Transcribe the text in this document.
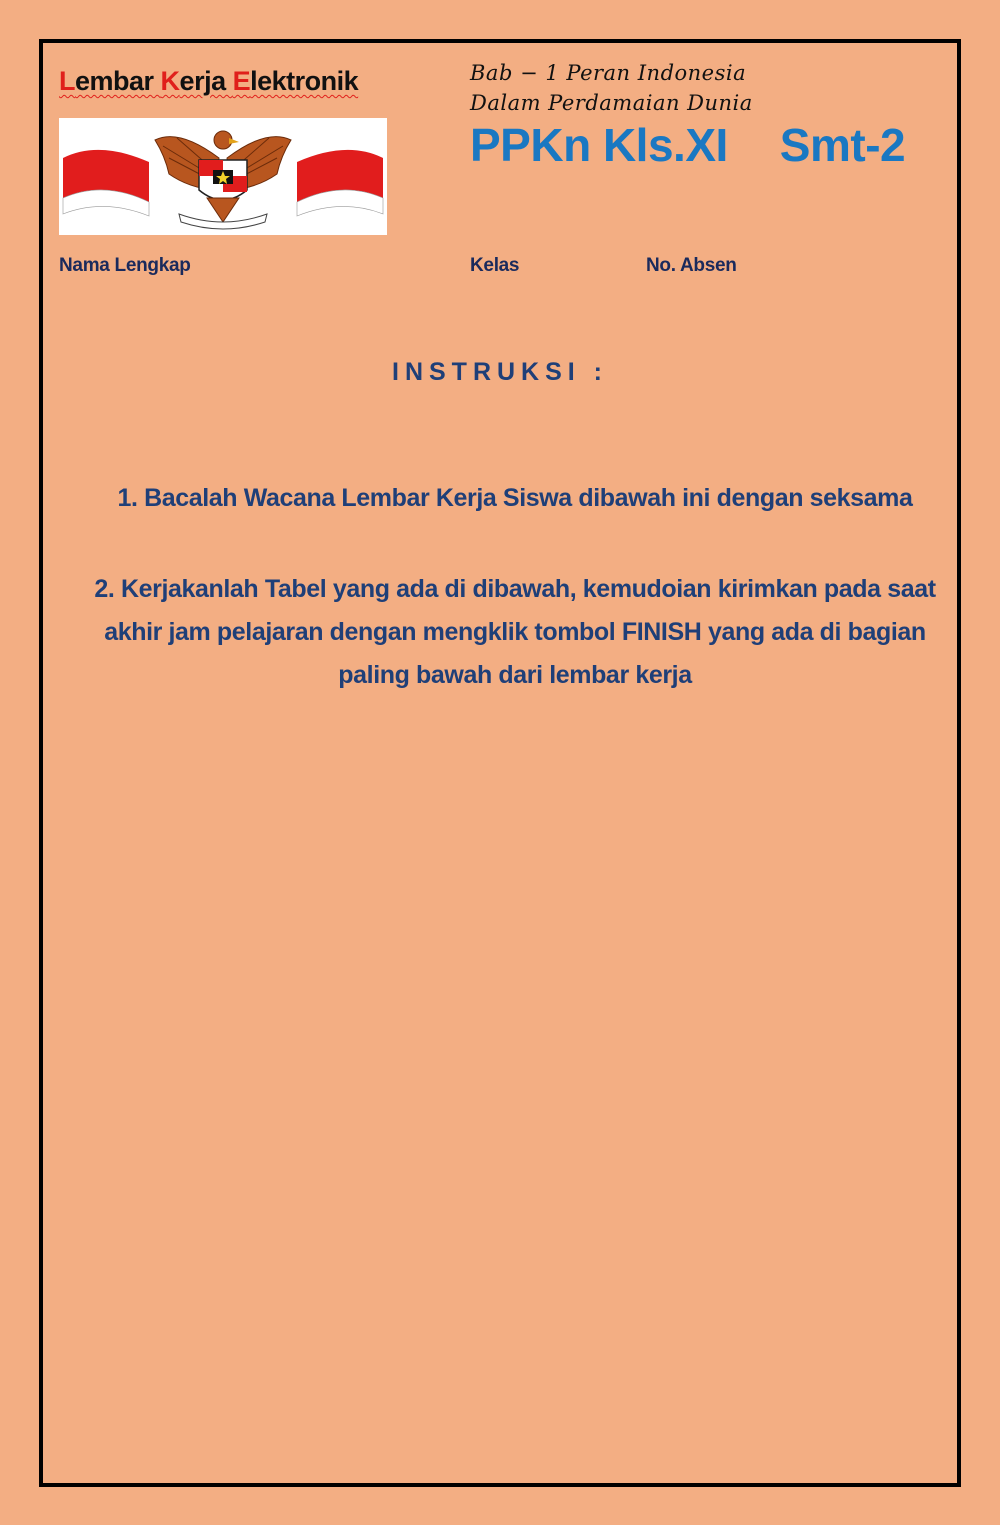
Lembar Kerja Elektronik	Bab − 1 Peran Indonesia
Dalam Perdamaian Dunia
PPKn Kls.XI Smt-2
Nama Lengkap	Kelas	No. Absen
INSTRUKSI :
1. Bacalah Wacana Lembar Kerja Siswa dibawah ini dengan seksama
2. Kerjakanlah Tabel yang ada di dibawah, kemudoian kirimkan pada saat akhir jam pelajaran dengan mengklik tombol FINISH yang ada di bagian paling bawah dari lembar kerja
